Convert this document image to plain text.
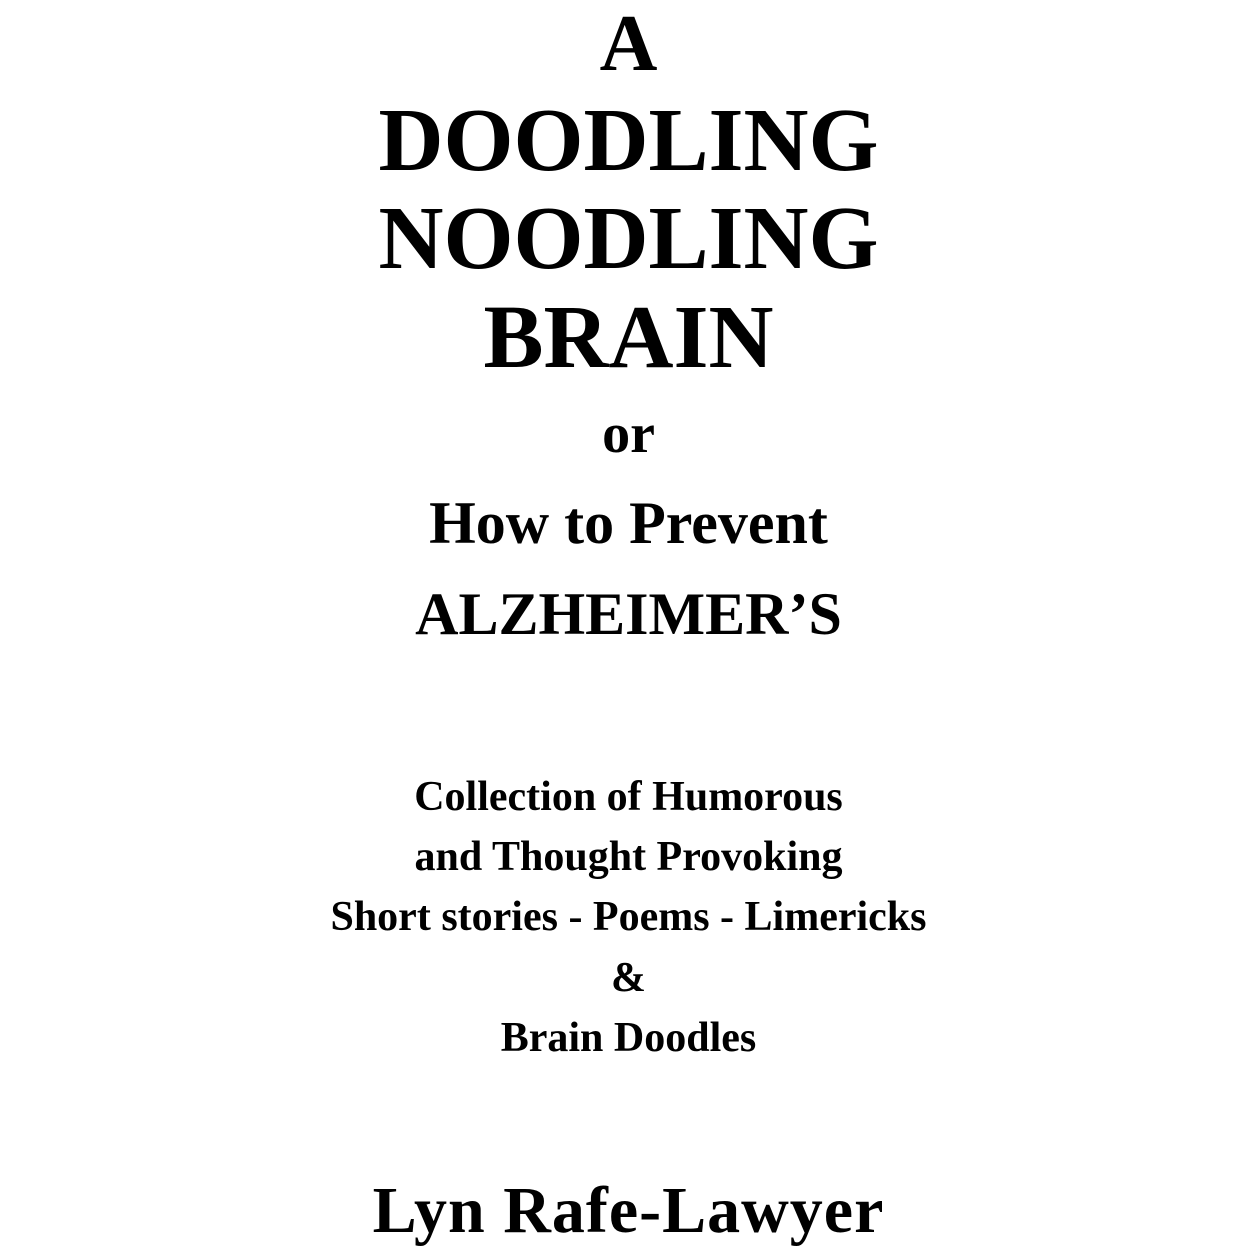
A
DOODLING
NOODLING
BRAIN
or
How to Prevent
ALZHEIMER’S
Collection of Humorous
and Thought Provoking
Short stories - Poems - Limericks
&
Brain Doodles
Lyn Rafe-Lawyer
